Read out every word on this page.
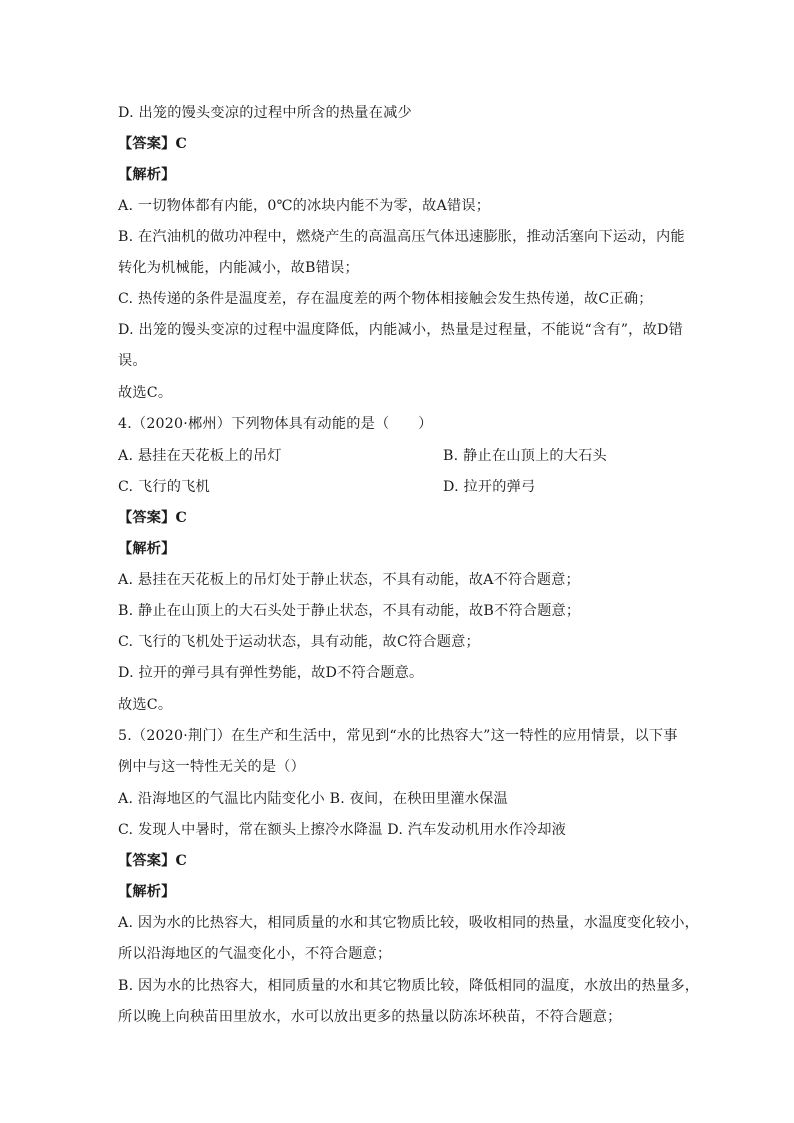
D. 出笼的馒头变凉的过程中所含的热量在减少
【答案】C
【解析】
A. 一切物体都有内能，0℃的冰块内能不为零，故A错误；
B. 在汽油机的做功冲程中，燃烧产生的高温高压气体迅速膨胀，推动活塞向下运动，内能
转化为机械能，内能减小，故B错误；
C. 热传递的条件是温度差，存在温度差的两个物体相接触会发生热传递，故C正确；
D. 出笼的馒头变凉的过程中温度降低，内能减小，热量是过程量，不能说“含有”，故D错
误。
故选C。
4.（2020·郴州）下列物体具有动能的是（　　）
A. 悬挂在天花板上的吊灯	B. 静止在山顶上的大石头
C. 飞行的飞机	D. 拉开的弹弓
【答案】C
【解析】
A. 悬挂在天花板上的吊灯处于静止状态，不具有动能，故A不符合题意；
B. 静止在山顶上的大石头处于静止状态，不具有动能，故B不符合题意；
C. 飞行的飞机处于运动状态，具有动能，故C符合题意；
D. 拉开的弹弓具有弹性势能，故D不符合题意。
故选C。
5.（2020·荆门）在生产和生活中，常见到“水的比热容大”这一特性的应用情景，以下事
例中与这一特性无关的是（）
A. 沿海地区的气温比内陆变化小 B. 夜间，在秧田里灌水保温
C. 发现人中暑时，常在额头上擦冷水降温 D. 汽车发动机用水作冷却液
【答案】C
【解析】
A. 因为水的比热容大，相同质量的水和其它物质比较，吸收相同的热量，水温度变化较小，
所以沿海地区的气温变化小，不符合题意；
B. 因为水的比热容大，相同质量的水和其它物质比较，降低相同的温度，水放出的热量多，
所以晚上向秧苗田里放水，水可以放出更多的热量以防冻坏秧苗，不符合题意；
